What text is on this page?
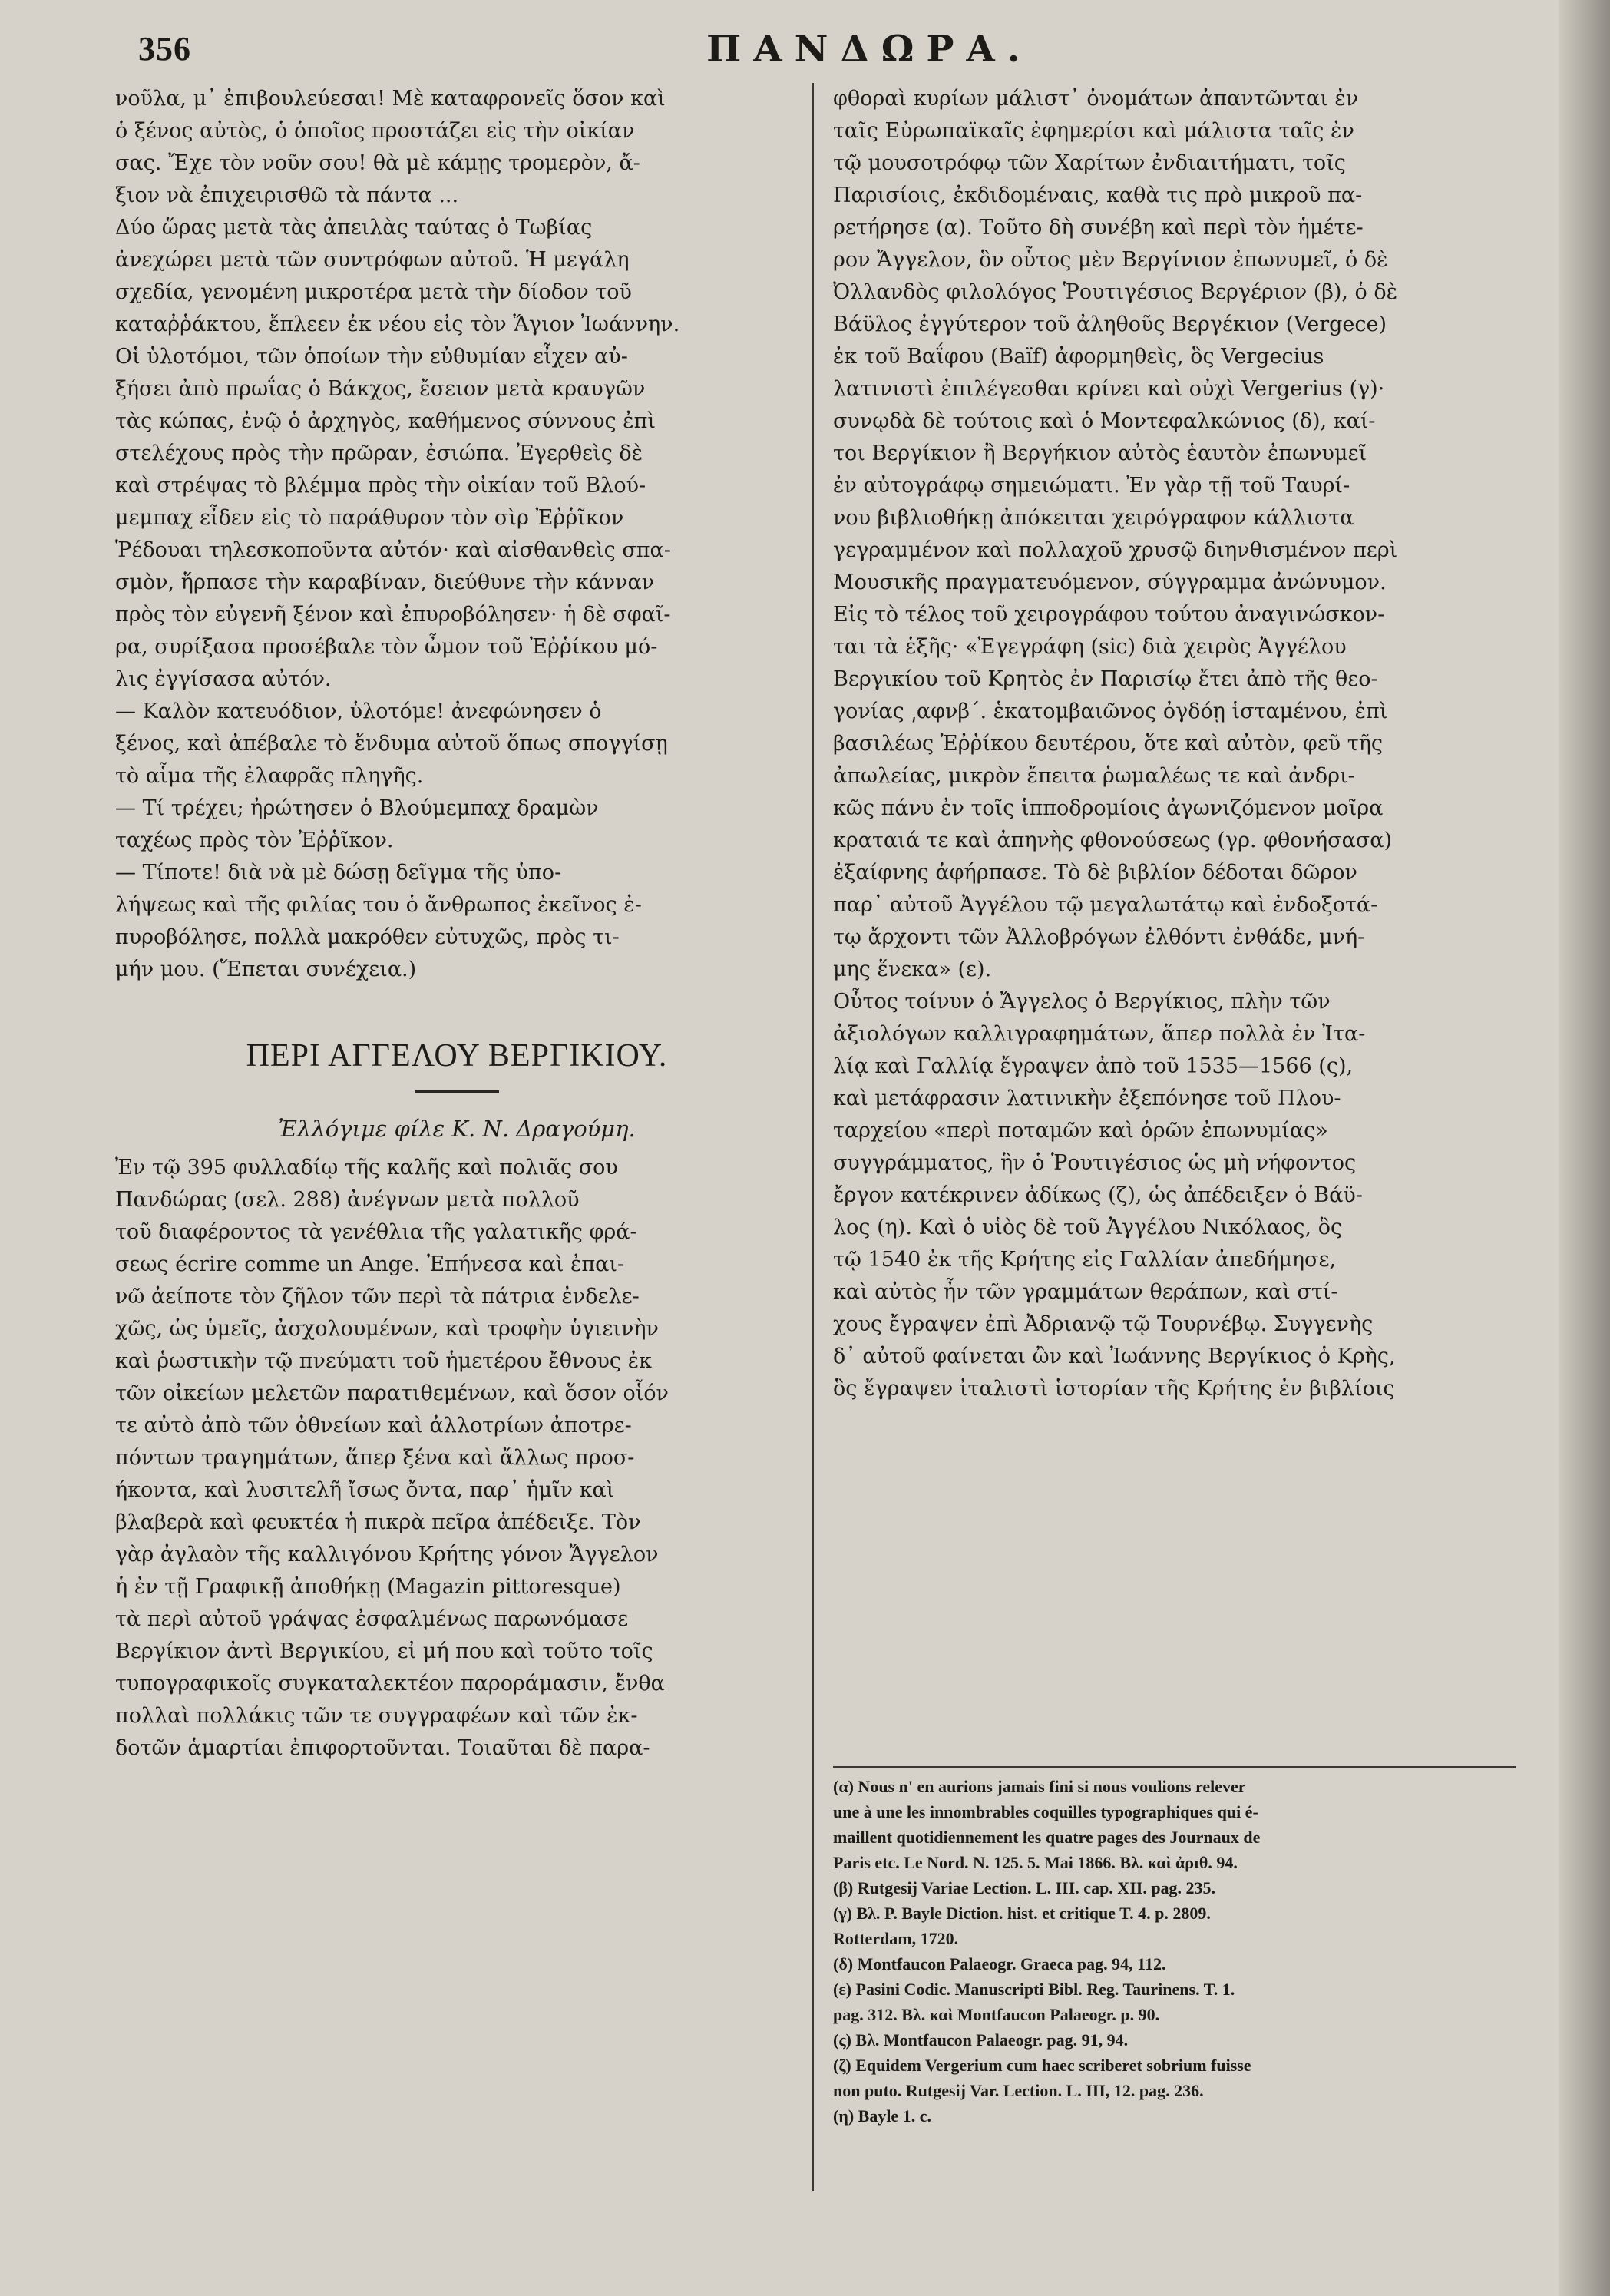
356	ΠΑΝΔΩΡΑ.
νοῦλα, μ᾽ ἐπιβουλεύεσαι! Μὲ καταφρονεῖς ὅσον καὶ
ὁ ξένος αὐτὸς, ὁ ὁποῖος προστάζει εἰς τὴν οἰκίαν
σας. Ἔχε τὸν νοῦν σου! θὰ μὲ κάμῃς τρομερὸν, ἄ-
ξιον νὰ ἐπιχειρισθῶ τὰ πάντα ...
Δύο ὥρας μετὰ τὰς ἀπειλὰς ταύτας ὁ Τωβίας
ἀνεχώρει μετὰ τῶν συντρόφων αὐτοῦ. Ἡ μεγάλη
σχεδία, γενομένη μικροτέρα μετὰ τὴν δίοδον τοῦ
καταῤῥάκτου, ἔπλεεν ἐκ νέου εἰς τὸν Ἅγιον Ἰωάννην.
Οἱ ὑλοτόμοι, τῶν ὁποίων τὴν εὐθυμίαν εἶχεν αὐ-
ξήσει ἀπὸ πρωΐας ὁ Βάκχος, ἔσειον μετὰ κραυγῶν
τὰς κώπας, ἐνῷ ὁ ἀρχηγὸς, καθήμενος σύννους ἐπὶ
στελέχους πρὸς τὴν πρῶραν, ἐσιώπα. Ἐγερθεὶς δὲ
καὶ στρέψας τὸ βλέμμα πρὸς τὴν οἰκίαν τοῦ Βλού-
μεμπαχ εἶδεν εἰς τὸ παράθυρον τὸν σὶρ Ἐῤῥῖκον
Ῥέδουαι τηλεσκοποῦντα αὐτόν· καὶ αἰσθανθεὶς σπα-
σμὸν, ἥρπασε τὴν καραβίναν, διεύθυνε τὴν κάνναν
πρὸς τὸν εὐγενῆ ξένον καὶ ἐπυροβόλησεν· ἡ δὲ σφαῖ-
ρα, συρίξασα προσέβαλε τὸν ὦμον τοῦ Ἐῤῥίκου μό-
λις ἐγγίσασα αὐτόν.
— Καλὸν κατευόδιον, ὑλοτόμε! ἀνεφώνησεν ὁ
ξένος, καὶ ἀπέβαλε τὸ ἔνδυμα αὐτοῦ ὅπως σπογγίσῃ
τὸ αἷμα τῆς ἐλαφρᾶς πληγῆς.
— Τί τρέχει; ἠρώτησεν ὁ Βλούμεμπαχ δραμὼν
ταχέως πρὸς τὸν Ἐῤῥῖκον.
— Τίποτε! διὰ νὰ μὲ δώσῃ δεῖγμα τῆς ὑπο-
λήψεως καὶ τῆς φιλίας του ὁ ἄνθρωπος ἐκεῖνος ἐ-
πυροβόλησε, πολλὰ μακρόθεν εὐτυχῶς, πρὸς τι-
μήν μου. (Ἕπεται συνέχεια.)
ΠΕΡΙ ΑΓΓΕΛΟΥ ΒΕΡΓΙΚΙΟΥ.
Ἐλλόγιμε φίλε Κ. Ν. Δραγούμη.
Ἐν τῷ 395 φυλλαδίῳ τῆς καλῆς καὶ πολιᾶς σου
Πανδώρας (σελ. 288) ἀνέγνων μετὰ πολλοῦ
τοῦ διαφέροντος τὰ γενέθλια τῆς γαλατικῆς φρά-
σεως écrire comme un Ange. Ἐπήνεσα καὶ ἐπαι-
νῶ ἀείποτε τὸν ζῆλον τῶν περὶ τὰ πάτρια ἐνδελε-
χῶς, ὡς ὑμεῖς, ἀσχολουμένων, καὶ τροφὴν ὑγιεινὴν
καὶ ῥωστικὴν τῷ πνεύματι τοῦ ἡμετέρου ἔθνους ἐκ
τῶν οἰκείων μελετῶν παρατιθεμένων, καὶ ὅσον οἷόν
τε αὐτὸ ἀπὸ τῶν ὀθνείων καὶ ἀλλοτρίων ἀποτρε-
πόντων τραγημάτων, ἅπερ ξένα καὶ ἄλλως προσ-
ήκοντα, καὶ λυσιτελῆ ἴσως ὄντα, παρ᾽ ἡμῖν καὶ
βλαβερὰ καὶ φευκτέα ἡ πικρὰ πεῖρα ἀπέδειξε. Τὸν
γὰρ ἀγλαὸν τῆς καλλιγόνου Κρήτης γόνον Ἄγγελον
ἡ ἐν τῇ Γραφικῇ ἀποθήκῃ (Magazin pittoresque)
τὰ περὶ αὐτοῦ γράψας ἐσφαλμένως παρωνόμασε
Βεργίκιον ἀντὶ Βεργικίου, εἰ μή που καὶ τοῦτο τοῖς
τυπογραφικοῖς συγκαταλεκτέον παροράμασιν, ἔνθα
πολλαὶ πολλάκις τῶν τε συγγραφέων καὶ τῶν ἐκ-
δοτῶν ἁμαρτίαι ἐπιφορτοῦνται. Τοιαῦται δὲ παρα-
φθοραὶ κυρίων μάλιστ᾽ ὀνομάτων ἀπαντῶνται ἐν
ταῖς Εὐρωπαϊκαῖς ἐφημερίσι καὶ μάλιστα ταῖς ἐν
τῷ μουσοτρόφῳ τῶν Χαρίτων ἐνδιαιτήματι, τοῖς
Παρισίοις, ἐκδιδομέναις, καθὰ τις πρὸ μικροῦ πα-
ρετήρησε (α). Τοῦτο δὴ συνέβη καὶ περὶ τὸν ἡμέτε-
ρον Ἄγγελον, ὃν οὗτος μὲν Βεργίνιον ἐπωνυμεῖ, ὁ δὲ
Ὀλλανδὸς φιλολόγος Ῥουτιγέσιος Βεργέριον (β), ὁ δὲ
Βάϋλος ἐγγύτερον τοῦ ἀληθοῦς Βεργέκιον (Vergece)
ἐκ τοῦ Βαΐφου (Baïf) ἀφορμηθεὶς, ὃς Vergecius
λατινιστὶ ἐπιλέγεσθαι κρίνει καὶ οὐχὶ Vergerius (γ)·
συνῳδὰ δὲ τούτοις καὶ ὁ Μοντεφαλκώνιος (δ), καί-
τοι Βεργίκιον ἢ Βεργήκιον αὐτὸς ἑαυτὸν ἐπωνυμεῖ
ἐν αὐτογράφῳ σημειώματι. Ἐν γὰρ τῇ τοῦ Ταυρί-
νου βιβλιοθήκῃ ἀπόκειται χειρόγραφον κάλλιστα
γεγραμμένον καὶ πολλαχοῦ χρυσῷ διηνθισμένον περὶ
Μουσικῆς πραγματευόμενον, σύγγραμμα ἀνώνυμον.
Εἰς τὸ τέλος τοῦ χειρογράφου τούτου ἀναγινώσκον-
ται τὰ ἑξῆς· «Ἐγεγράφη (sic) διὰ χειρὸς Ἀγγέλου
Βεργικίου τοῦ Κρητὸς ἐν Παρισίῳ ἔτει ἀπὸ τῆς θεο-
γονίας ͵αφνβ΄. ἑκατομβαιῶνος ὀγδόῃ ἱσταμένου, ἐπὶ
βασιλέως Ἐῤῥίκου δευτέρου, ὅτε καὶ αὐτὸν, φεῦ τῆς
ἀπωλείας, μικρὸν ἔπειτα ῥωμαλέως τε καὶ ἀνδρι-
κῶς πάνυ ἐν τοῖς ἱπποδρομίοις ἀγωνιζόμενον μοῖρα
κραταιά τε καὶ ἀπηνὴς φθονούσεως (γρ. φθονήσασα)
ἐξαίφνης ἀφήρπασε. Τὸ δὲ βιβλίον δέδοται δῶρον
παρ᾽ αὐτοῦ Ἀγγέλου τῷ μεγαλωτάτῳ καὶ ἐνδοξοτά-
τῳ ἄρχοντι τῶν Ἀλλοβρόγων ἐλθόντι ἐνθάδε, μνή-
μης ἕνεκα» (ε).
Οὗτος τοίνυν ὁ Ἄγγελος ὁ Βεργίκιος, πλὴν τῶν
ἀξιολόγων καλλιγραφημάτων, ἅπερ πολλὰ ἐν Ἰτα-
λίᾳ καὶ Γαλλίᾳ ἔγραψεν ἀπὸ τοῦ 1535—1566 (ς),
καὶ μετάφρασιν λατινικὴν ἐξεπόνησε τοῦ Πλου-
ταρχείου «περὶ ποταμῶν καὶ ὀρῶν ἐπωνυμίας»
συγγράμματος, ἣν ὁ Ῥουτιγέσιος ὡς μὴ νήφοντος
ἔργον κατέκρινεν ἀδίκως (ζ), ὡς ἀπέδειξεν ὁ Βάϋ-
λος (η). Καὶ ὁ υἱὸς δὲ τοῦ Ἀγγέλου Νικόλαος, ὃς
τῷ 1540 ἐκ τῆς Κρήτης εἰς Γαλλίαν ἀπεδήμησε,
καὶ αὐτὸς ἦν τῶν γραμμάτων θεράπων, καὶ στί-
χους ἔγραψεν ἐπὶ Ἀδριανῷ τῷ Τουρνέβῳ. Συγγενὴς
δ᾽ αὐτοῦ φαίνεται ὢν καὶ Ἰωάννης Βεργίκιος ὁ Κρὴς,
ὃς ἔγραψεν ἰταλιστὶ ἱστορίαν τῆς Κρήτης ἐν βιβλίοις
(α) Nous n' en aurions jamais fini si nous voulions relever
une à une les innombrables coquilles typographiques qui é-
maillent quotidiennement les quatre pages des Journaux de
Paris etc. Le Nord. N. 125. 5. Mai 1866. Βλ. καὶ ἀριθ. 94.
(β) Rutgesij Variae Lection. L. III. cap. XII. pag. 235.
(γ) Βλ. P. Bayle Diction. hist. et critique T. 4. p. 2809.
Rotterdam, 1720.
(δ) Montfaucon Palaeogr. Graeca pag. 94, 112.
(ε) Pasini Codic. Manuscripti Bibl. Reg. Taurinens. T. 1.
pag. 312. Βλ. καὶ Montfaucon Palaeogr. p. 90.
(ς) Βλ. Montfaucon Palaeogr. pag. 91, 94.
(ζ) Equidem Vergerium cum haec scriberet sobrium fuisse
non puto. Rutgesij Var. Lection. L. III, 12. pag. 236.
(η) Bayle 1. c.
